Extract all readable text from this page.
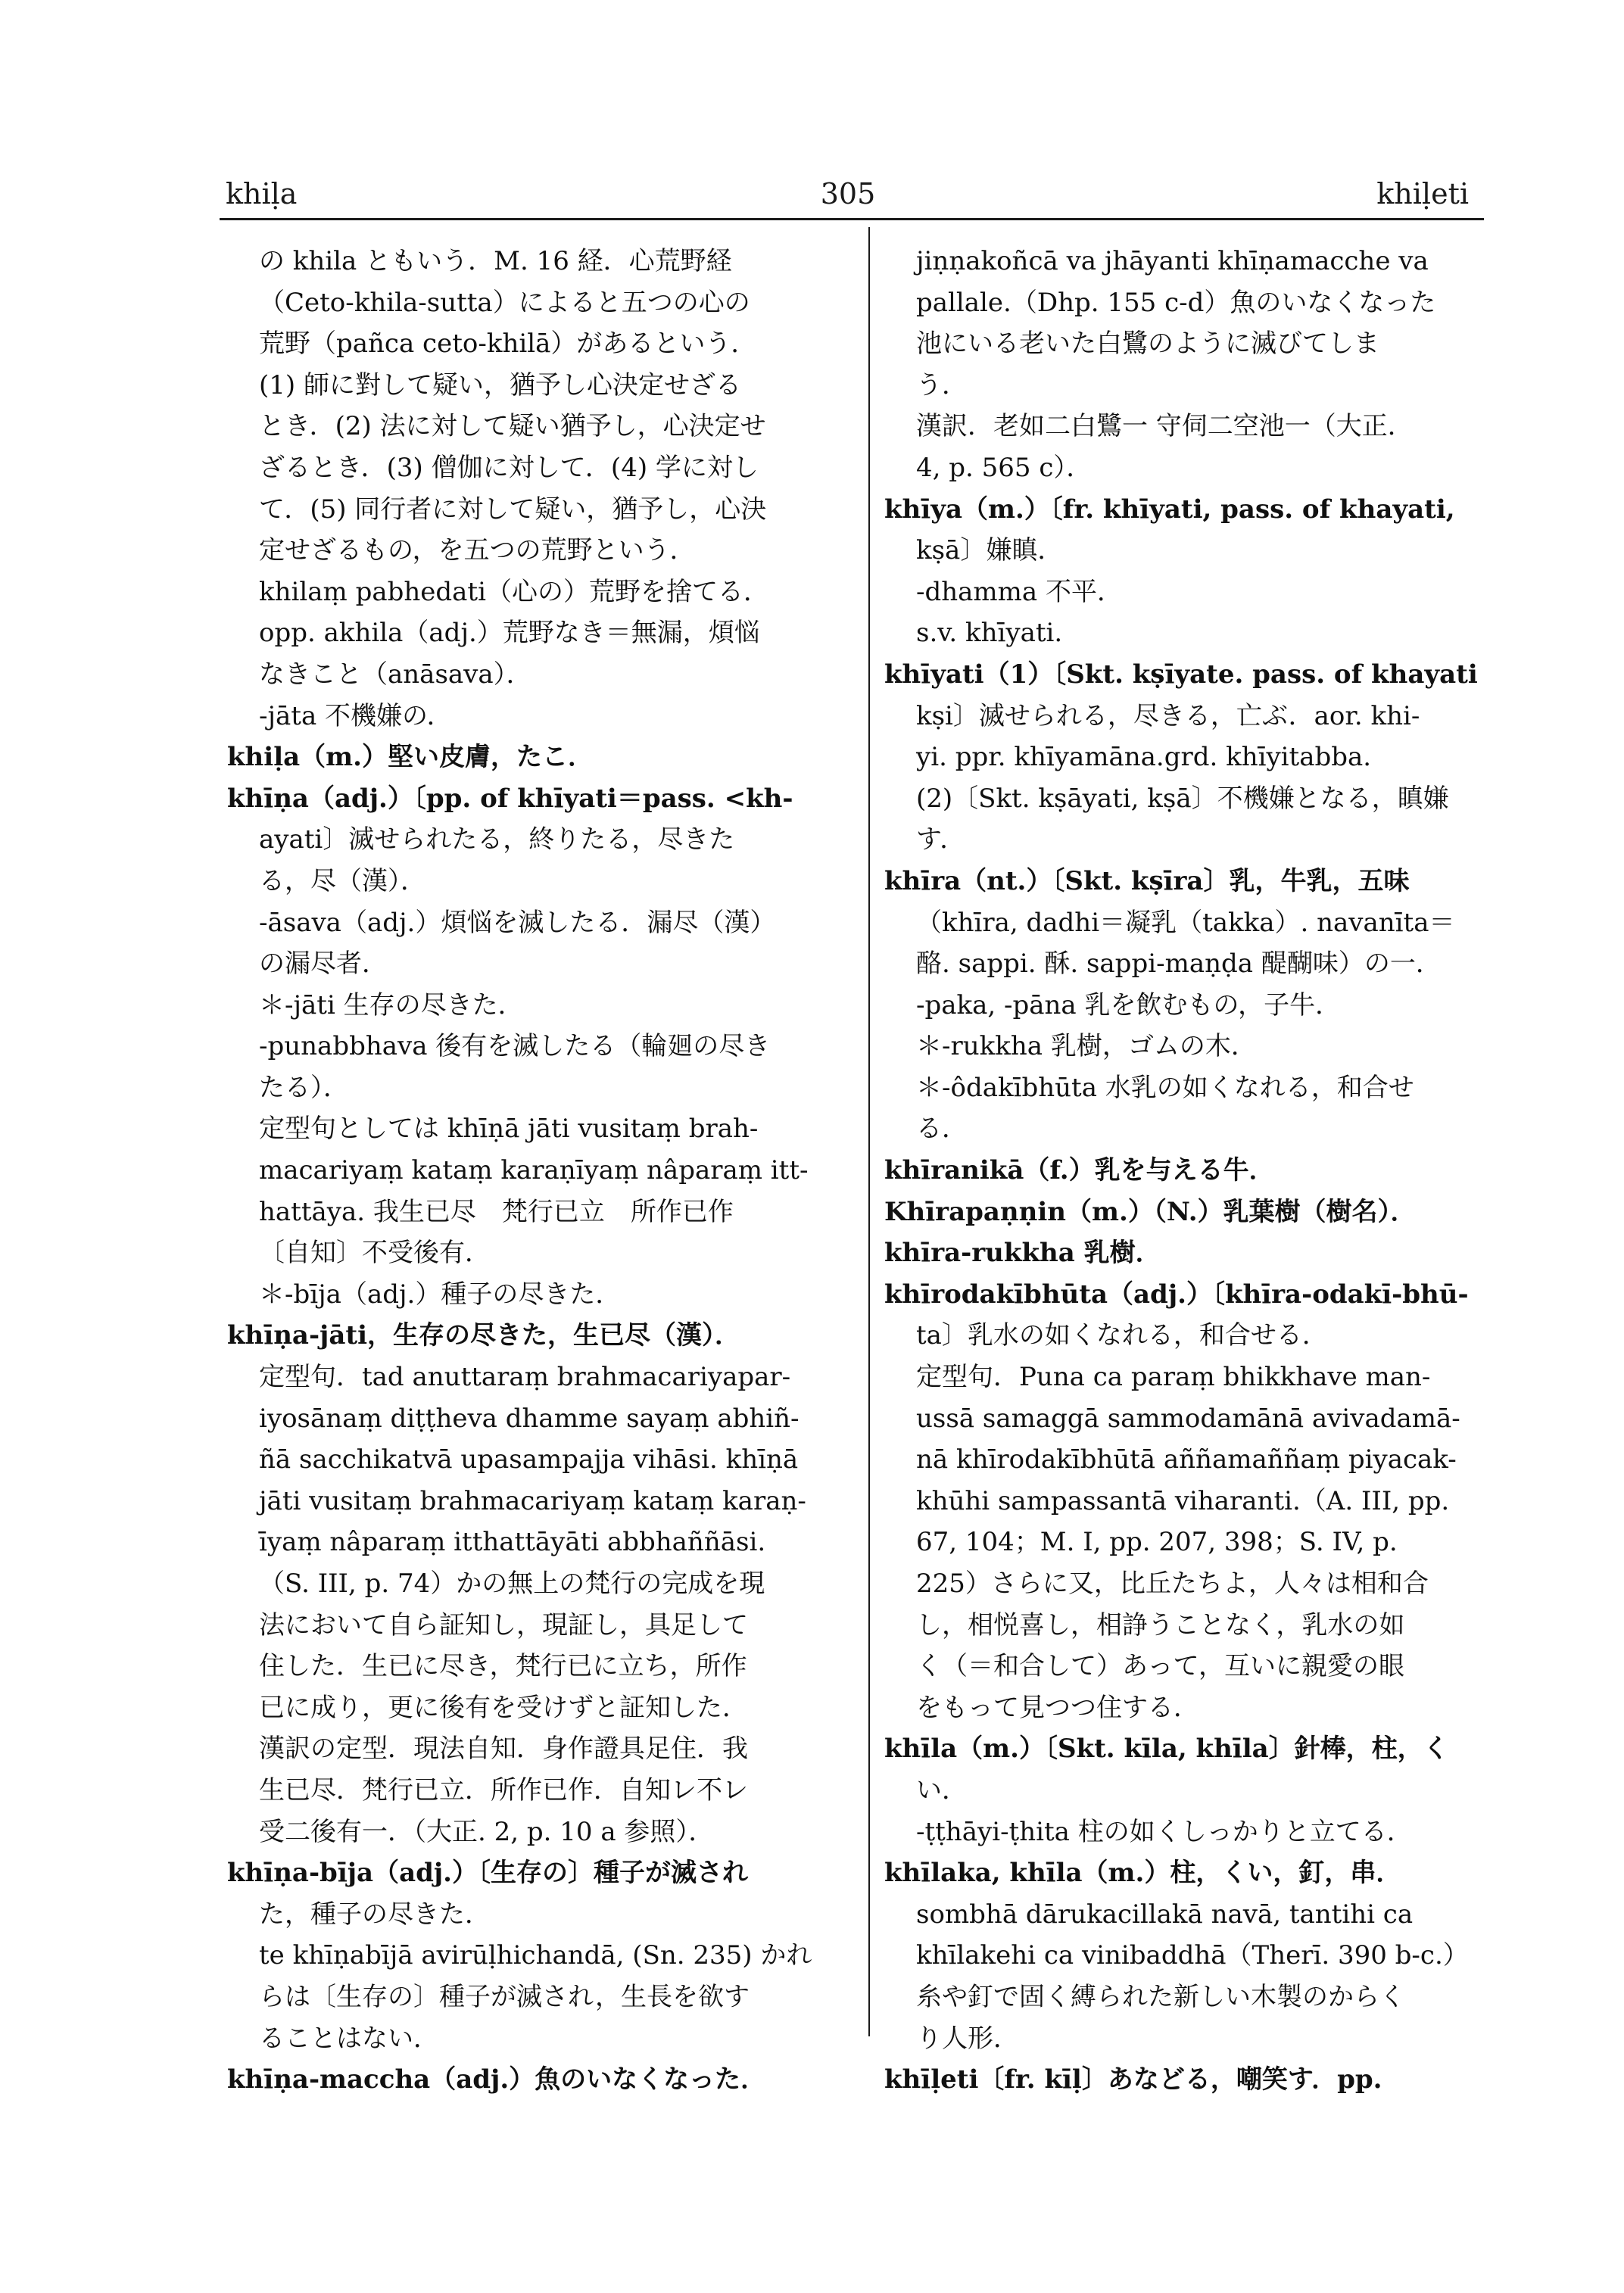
khiḷa	305	khiḷeti
の khila ともいう．M. 16 経．心荒野経
（Ceto-khila-sutta）によると五つの心の
荒野（pañca ceto-khilā）があるという．
(1) 師に對して疑い，猶予し心決定せざる
とき．(2) 法に対して疑い猶予し，心決定せ
ざるとき．(3) 僧伽に対して．(4) 学に対し
て．(5) 同行者に対して疑い，猶予し，心決
定せざるもの，を五つの荒野という．
khilaṃ pabhedati（心の）荒野を捨てる．
opp. akhila（adj.）荒野なき＝無漏，煩悩
なきこと（anāsava）．
-jāta 不機嫌の．
khiḷa（m.）堅い皮膚，たこ．
khīṇa（adj.）〔pp. of khīyati＝pass. <kh-
ayati〕滅せられたる，終りたる，尽きた
る，尽（漢）．
-āsava（adj.）煩悩を滅したる．漏尽（漢）
の漏尽者．
＊-jāti 生存の尽きた．
-punabbhava 後有を滅したる（輪廻の尽き
たる）．
定型句としては khīṇā jāti vusitaṃ brah-
macariyaṃ kataṃ karaṇīyaṃ nâparaṃ itt-
hattāya. 我生已尽　梵行已立　所作已作
〔自知〕不受後有．
＊-bīja（adj.）種子の尽きた．
khīṇa-jāti，生存の尽きた，生已尽（漢）．
定型句．tad anuttaraṃ brahmacariyapar-
iyosānaṃ diṭṭheva dhamme sayaṃ abhiñ-
ñā sacchikatvā upasampajja vihāsi. khīṇā
jāti vusitaṃ brahmacariyaṃ kataṃ karaṇ-
īyaṃ nâparaṃ itthattāyāti abbhaññāsi.
（S. III, p. 74）かの無上の梵行の完成を現
法において自ら証知し，現証し，具足して
住した．生已に尽き，梵行已に立ち，所作
已に成り，更に後有を受けずと証知した．
漢訳の定型．現法自知．身作證具足住．我
生已尽．梵行已立．所作已作．自知レ不レ
受二後有一．（大正. 2, p. 10 a 参照）．
khīṇa-bīja（adj.）〔生存の〕種子が滅され
た，種子の尽きた．
te khīṇabījā avirūḷhichandā, (Sn. 235) かれ
らは〔生存の〕種子が滅され，生長を欲す
ることはない．
khīṇa-maccha（adj.）魚のいなくなった．
jiṇṇakoñcā va jhāyanti khīṇamacche va
pallale.（Dhp. 155 c-d）魚のいなくなった
池にいる老いた白鷺のように滅びてしま
う．
漢訳．老如二白鷺一 守伺二空池一（大正．
4, p. 565 c）．
khīya（m.）〔fr. khīyati, pass. of khayati,
kṣā〕嫌瞋．
-dhamma 不平．
s.v. khīyati.
khīyati（1）〔Skt. kṣīyate. pass. of khayati
kṣi〕滅せられる，尽きる，亡ぶ．aor. khi-
yi. ppr. khīyamāna.grd. khīyitabba.
(2)〔Skt. kṣāyati, kṣā〕不機嫌となる，瞋嫌
す．
khīra（nt.）〔Skt. kṣīra〕乳，牛乳，五味
（khīra, dadhi＝凝乳（takka）. navanīta＝
酪. sappi. 酥. sappi-maṇḍa 醍醐味）の一．
-paka, -pāna 乳を飲むもの，子牛．
＊-rukkha 乳樹，ゴムの木．
＊-ôdakībhūta 水乳の如くなれる，和合せ
る．
khīranikā（f.）乳を与える牛．
Khīrapaṇṇin（m.）（N.）乳葉樹（樹名）．
khīra-rukkha 乳樹．
khīrodakībhūta（adj.）〔khīra-odakī-bhū-
ta〕乳水の如くなれる，和合せる．
定型句．Puna ca paraṃ bhikkhave man-
ussā samaggā sammodamānā avivadamā-
nā khīrodakībhūtā aññamaññaṃ piyacak-
khūhi sampassantā viharanti.（A. III, pp.
67, 104；M. I, pp. 207, 398；S. IV, p.
225）さらに又，比丘たちよ，人々は相和合
し，相悦喜し，相諍うことなく，乳水の如
く（＝和合して）あって，互いに親愛の眼
をもって見つつ住する．
khīla（m.）〔Skt. kīla, khīla〕針棒，柱，く
い．
-ṭṭhāyi-ṭhita 柱の如くしっかりと立てる．
khīlaka, khīla（m.）柱，くい，釘，串．
sombhā dārukacillakā navā, tantihi ca
khīlakehi ca vinibaddhā（Therī. 390 b-c.）
糸や釘で固く縛られた新しい木製のからく
り人形．
khīḷeti〔fr. kīḷ〕あなどる，嘲笑す．pp.
